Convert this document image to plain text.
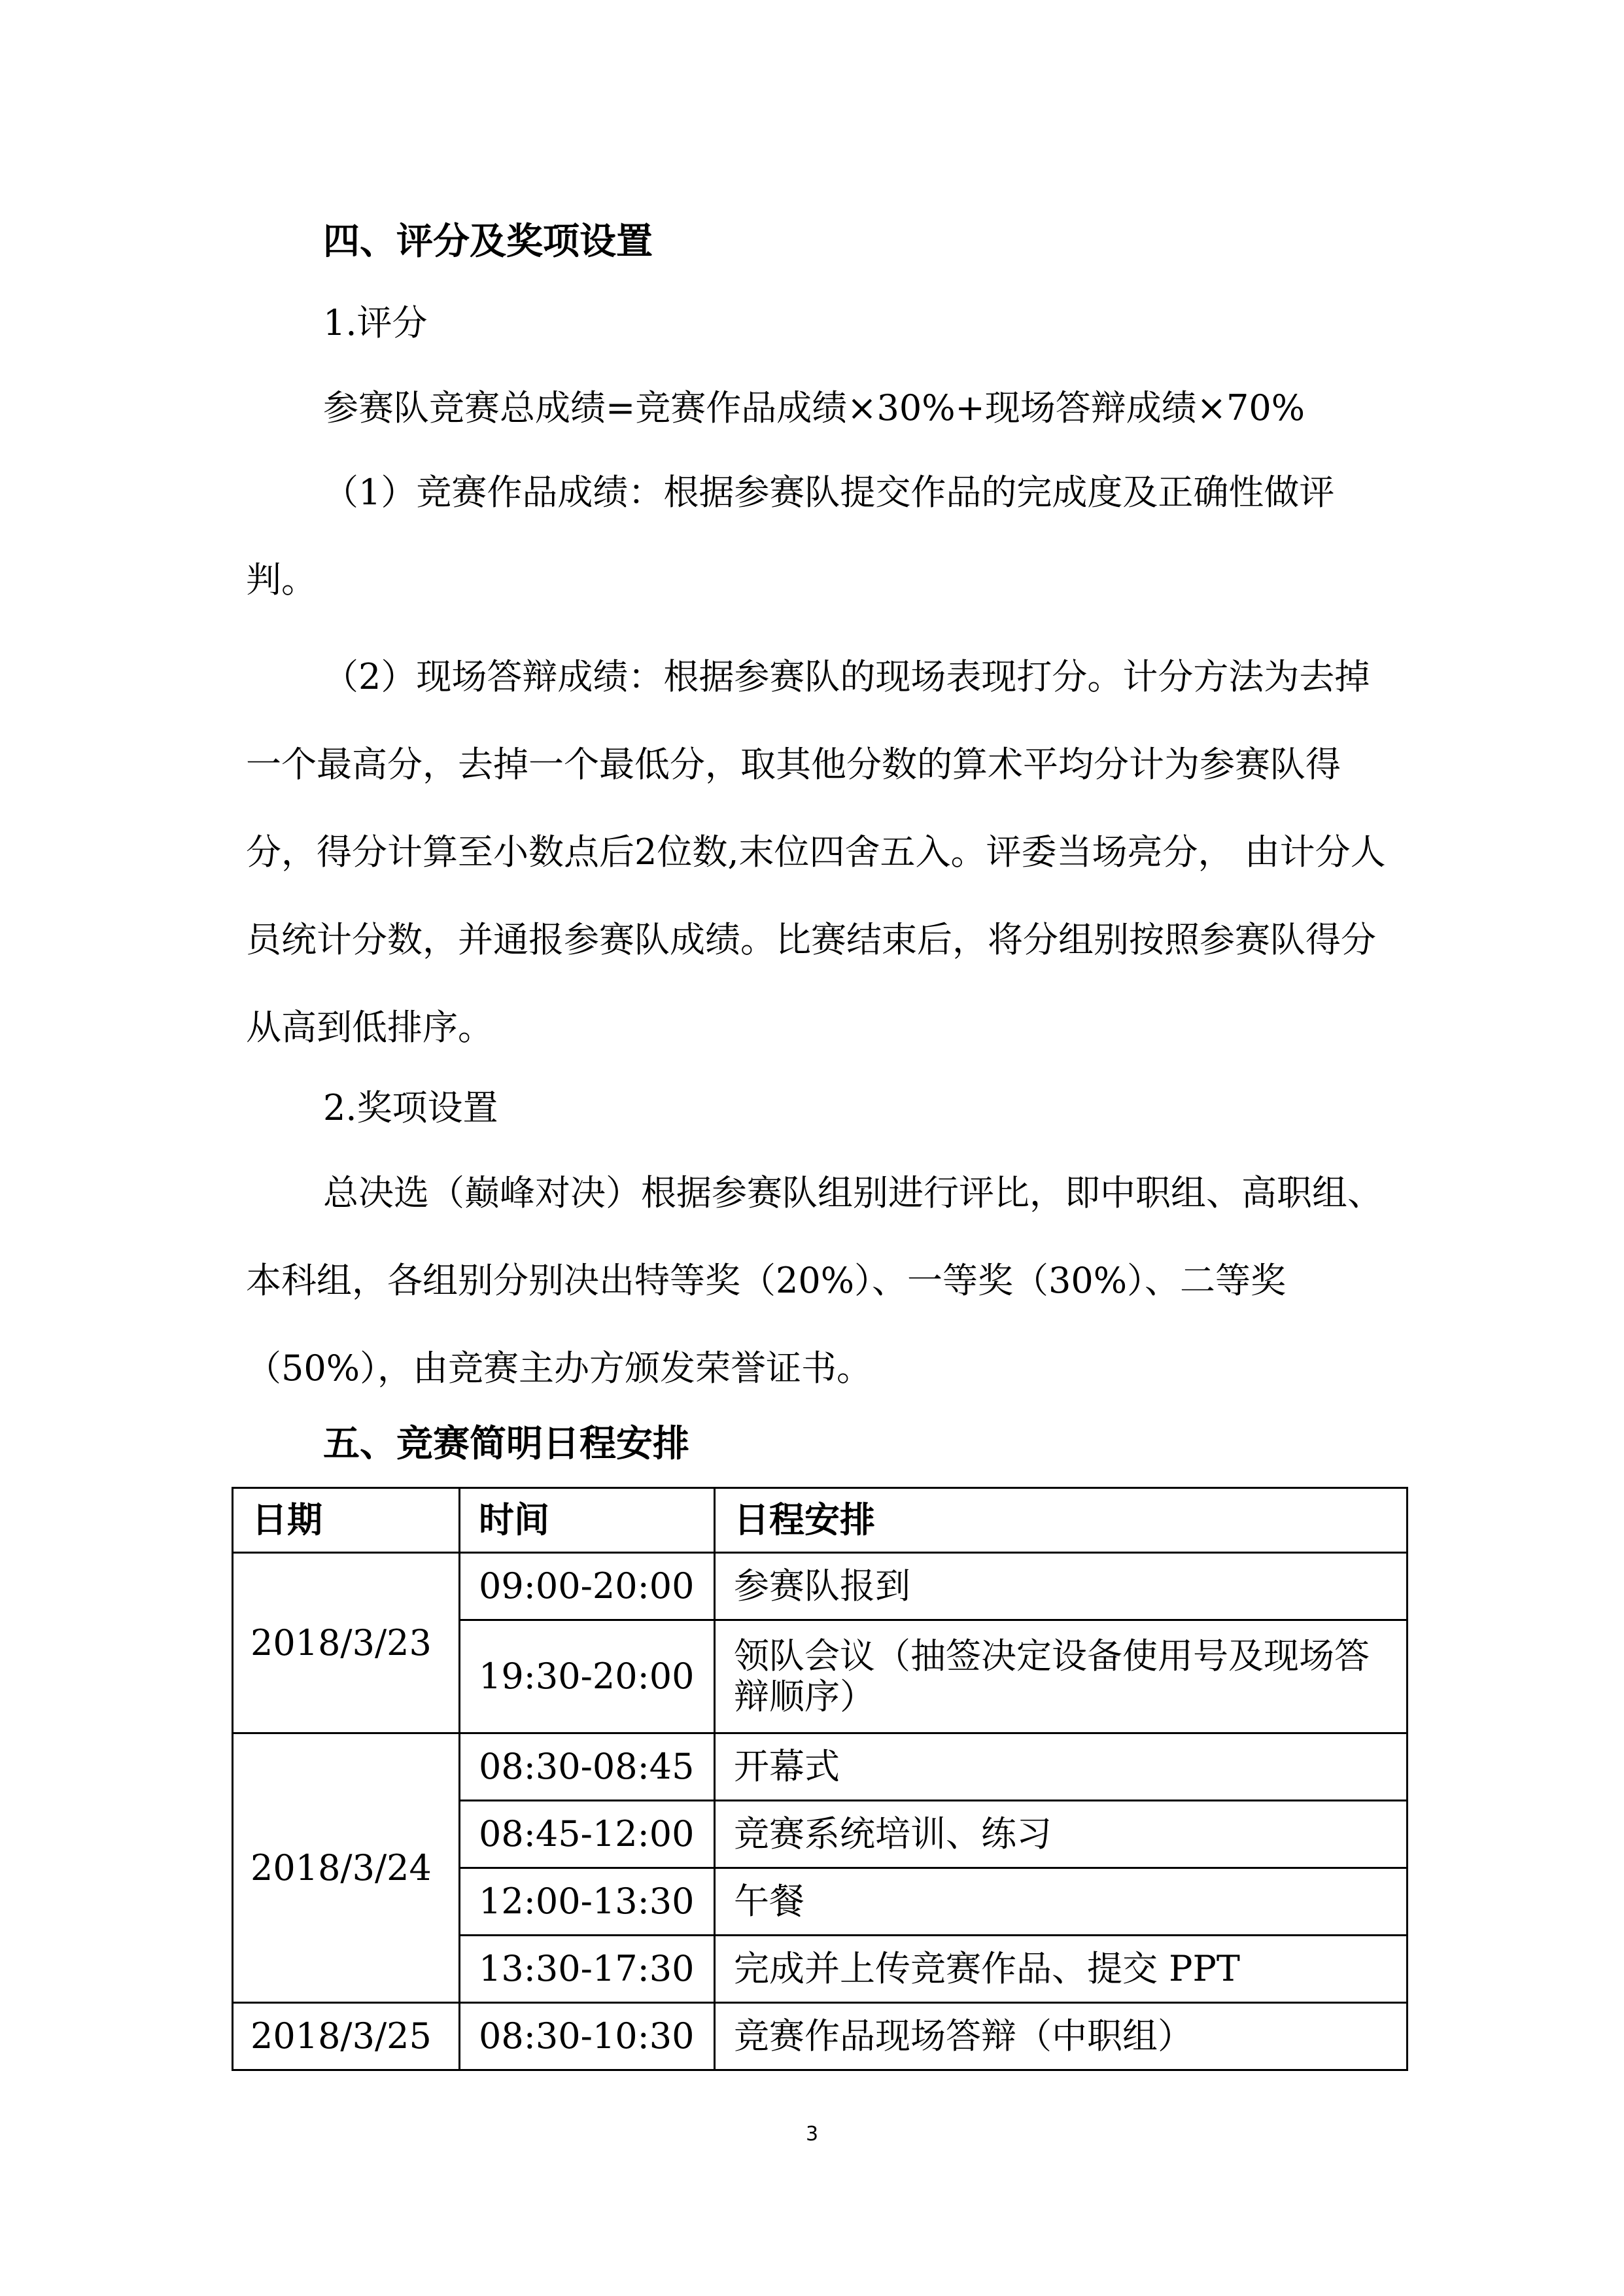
四、评分及奖项设置

1.评分

参赛队竞赛总成绩=竞赛作品成绩×30%+现场答辩成绩×70%

（1）竞赛作品成绩：根据参赛队提交作品的完成度及正确性做评判。

（2）现场答辩成绩：根据参赛队的现场表现打分。计分方法为去掉一个最高分，去掉一个最低分，取其他分数的算术平均分计为参赛队得分，得分计算至小数点后2位数,末位四舍五入。评委当场亮分， 由计分人员统计分数，并通报参赛队成绩。比赛结束后，将分组别按照参赛队得分从高到低排序。

2.奖项设置

总决选（巅峰对决）根据参赛队组别进行评比，即中职组、高职组、本科组，各组别分别决出特等奖（20%）、一等奖（30%）、二等奖（50%），由竞赛主办方颁发荣誉证书。

五、竞赛简明日程安排
日期	时间	日程安排
2018/3/23	09:00-20:00	参赛队报到
	19:30-20:00	领队会议（抽签决定设备使用号及现场答辩顺序）
2018/3/24	08:30-08:45	开幕式
	08:45-12:00	竞赛系统培训、练习
	12:00-13:30	午餐
	13:30-17:30	完成并上传竞赛作品、提交 PPT
2018/3/25	08:30-10:30	竞赛作品现场答辩（中职组）
3
